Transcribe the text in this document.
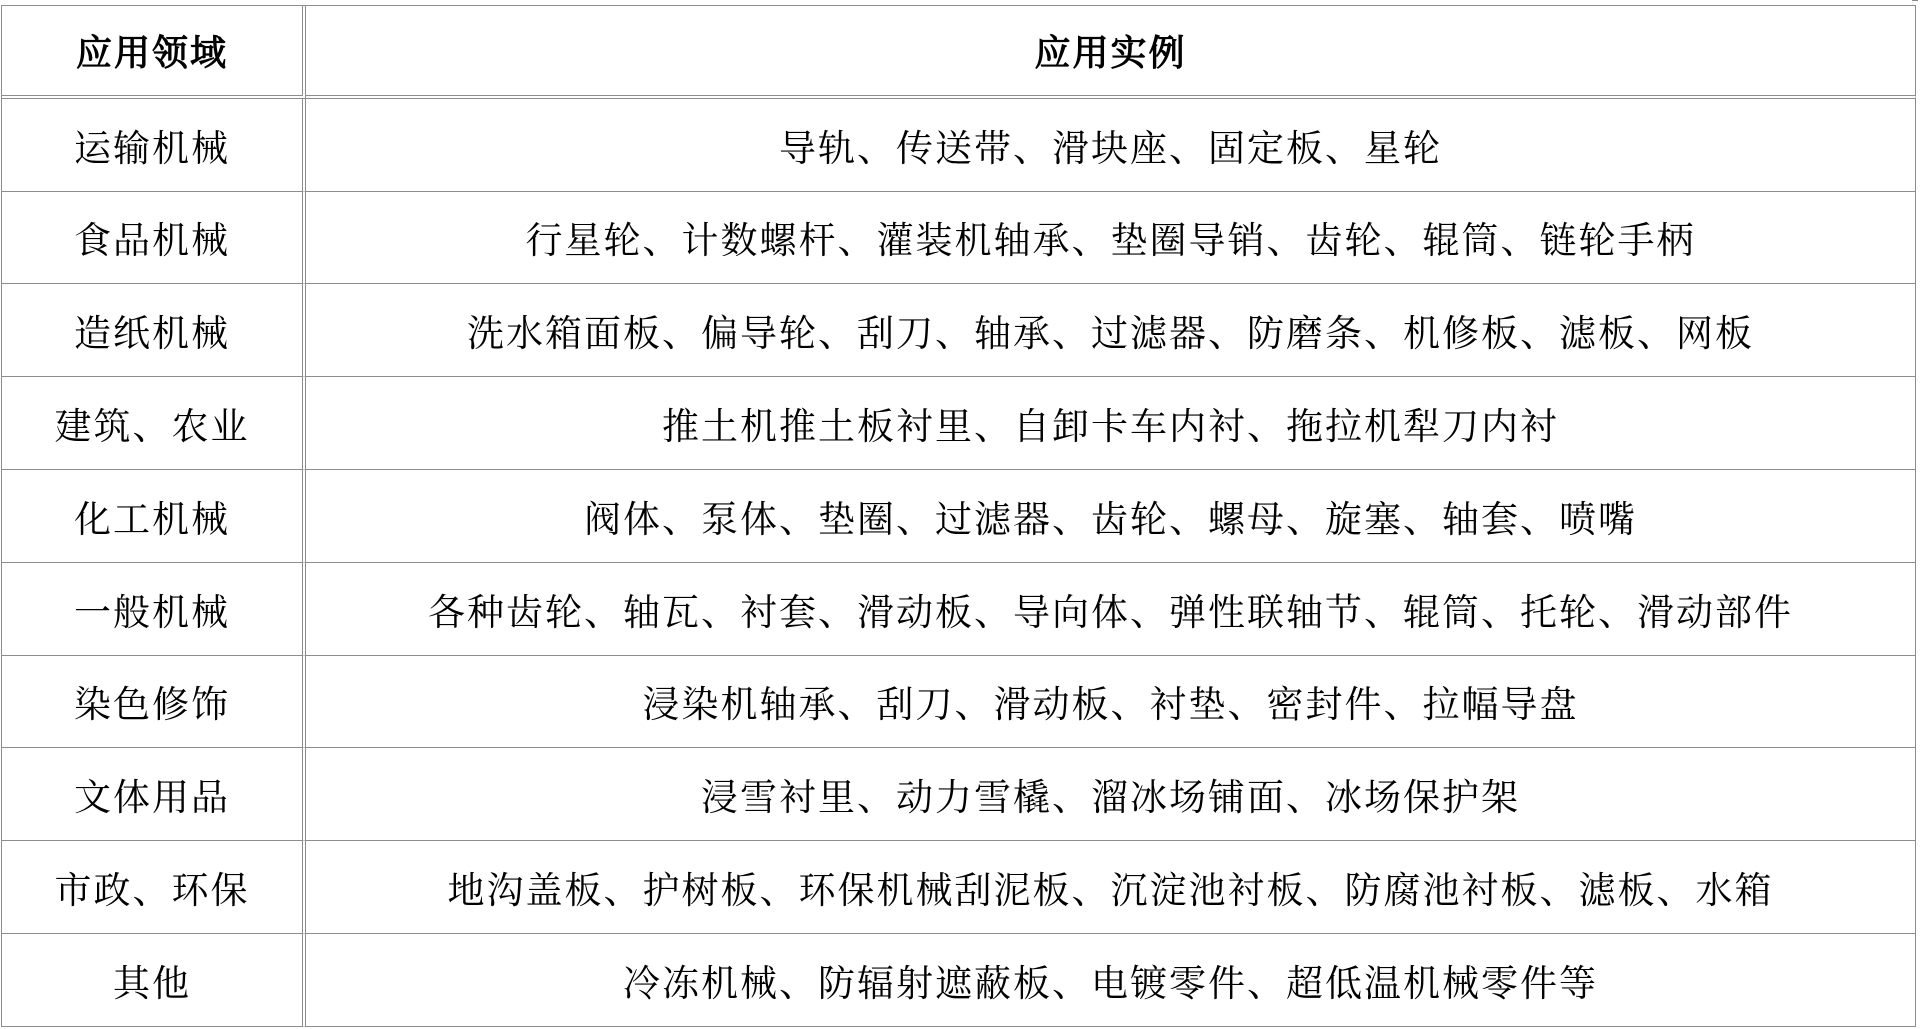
应用领域	应用实例
运输机械	导轨、传送带、滑块座、固定板、星轮
食品机械	行星轮、计数螺杆、灌装机轴承、垫圈导销、齿轮、辊筒、链轮手柄
造纸机械	洗水箱面板、偏导轮、刮刀、轴承、过滤器、防磨条、机修板、滤板、网板
建筑、农业	推土机推土板衬里、自卸卡车内衬、拖拉机犁刀内衬
化工机械	阀体、泵体、垫圈、过滤器、齿轮、螺母、旋塞、轴套、喷嘴
一般机械	各种齿轮、轴瓦、衬套、滑动板、导向体、弹性联轴节、辊筒、托轮、滑动部件
染色修饰	浸染机轴承、刮刀、滑动板、衬垫、密封件、拉幅导盘
文体用品	浸雪衬里、动力雪橇、溜冰场铺面、冰场保护架
市政、环保	地沟盖板、护树板、环保机械刮泥板、沉淀池衬板、防腐池衬板、滤板、水箱
其他	冷冻机械、防辐射遮蔽板、电镀零件、超低温机械零件等
